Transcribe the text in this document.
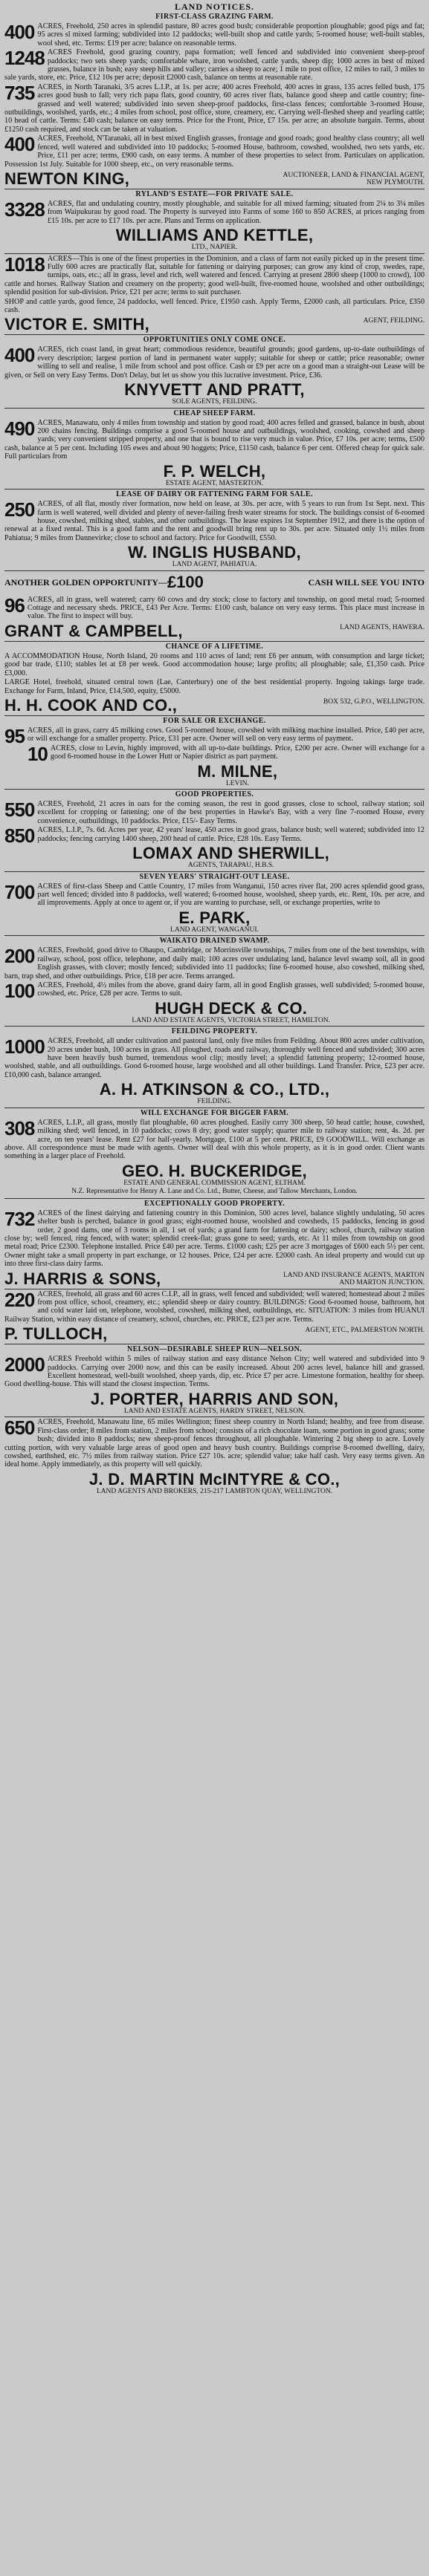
LAND NOTICES.
FIRST-CLASS GRAZING FARM.
400 ACRES, Freehold, 250 acres in splendid pasture, 80 acres good bush; considerable proportion ploughable; good pigs and fat; 95 acres sl mixed farming; subdivided into 12 paddocks; well-built shop and cattle yards; 5-roomed house; well-built stables, wool shed, etc. Terms: £19 per acre; balance on reasonable terms.
1248 ACRES Freehold, good grazing country, papa formation; well fenced and subdivided into convenient sheep-proof paddocks; two sets sheep yards; comfortable whare, iron woolshed, cattle yards, sheep dip; 1000 acres in best of mixed grasses, balance in bush; easy steep hills and valley; carries a sheep to acre; 1 mile to post office, 12 miles to rail, 3 miles to sale yards, store, etc. Price, £12 10s per acre; deposit £2000 cash, balance on terms at reasonable rate.
735 ACRES, in North Taranaki, 3/5 acres L.I.P., at 1s. per acre; 400 acres Freehold, 400 acres in grass, 135 acres felled bush, 175 acres good bush to fall; very rich papa flats, good country, 60 acres river flats, balance good sheep and cattle country; fine-grassed and well watered; subdivided into seven sheep-proof paddocks, first-class fences; comfortable 3-roomed House, outbuildings, woolshed, yards, etc.; 4 miles from school, post office, store, creamery, etc. Carrying well-fleshed sheep and yearling cattle; 10 head of cattle. Terms: £40 cash; balance on easy terms. Price for the Front, Price, £7 15s. per acre; an absolute bargain. Terms, about £1250 cash required, and stock can be taken at valuation.
400 ACRES, Freehold, N'Taranaki, all in best mixed English grasses, frontage and good roads; good healthy class country; all well fenced, well watered and subdivided into 10 paddocks; 5-roomed House, bathroom, cowshed, woolshed, two sets yards, etc. Price, £11 per acre; terms, £900 cash, on easy terms. A number of these properties to select from. Particulars on application. Possession 1st July. Suitable for 1000 sheep, etc., on very reasonable terms.
NEWTON KING,	AUCTIONEER, LAND & FINANCIAL AGENT, NEW PLYMOUTH.
RYLAND'S ESTATE—FOR PRIVATE SALE.
3328 ACRES, flat and undulating country, mostly ploughable, and suitable for all mixed farming; situated from 2¼ to 3¼ miles from Waipukurau by good road. The Property is surveyed into Farms of some 160 to 850 ACRES, at prices ranging from £15 10s. per acre to £17 10s. per acre. Plans and Terms on application.
WILLIAMS AND KETTLE,
LTD., NAPIER.
1018 ACRES—This is one of the finest properties in the Dominion, and a class of farm not easily picked up in the present time. Fully 600 acres are practically flat, suitable for fattening or dairying purposes; can grow any kind of crop, swedes, rape, turnips, oats, etc.; all in grass, level and rich, well watered and fenced. Carrying at present 2800 sheep (1000 to crowd), 100 cattle and horses. Railway Station and creamery on the property; good well-built, five-roomed house, woolshed and other outbuildings; splendid position for sub-division. Price, £21 per acre; terms to suit purchaser.
SHOP and cattle yards, good fence, 24 paddocks, well fenced. Price, £1950 cash. Apply Terms, £2000 cash, all particulars. Price, £350 cash.
VICTOR E. SMITH,	AGENT, FEILDING.
OPPORTUNITIES ONLY COME ONCE.
400 ACRES, rich coast land, in great heart; commodious residence, beautiful grounds; good gardens, up-to-date outbuildings of every description; largest portion of land in permanent water supply; suitable for sheep or cattle; price reasonable; owner willing to sell and realise, 1 mile from school and post office. Cash or £9 per acre on a good man a straight-out Lease will be given, or Sell on very Easy Terms. Don't Delay, but let us show you this lucrative investment. Price, £36.
KNYVETT AND PRATT,
SOLE AGENTS, FEILDING.
CHEAP SHEEP FARM.
490 ACRES, Manawatu, only 4 miles from township and station by good road; 400 acres felled and grassed, balance in bush, about 200 chains fencing. Buildings comprise a good 5-roomed house and outbuildings, woolshed, cooking, cowshed and sheep yards; very convenient stripped property, and one that is bound to rise very much in value. Price, £7 10s. per acre; terms, £500 cash, balance at 5 per cent. Including 105 ewes and about 90 hoggets; Price, £1150 cash, balance 6 per cent. Offered cheap for quick sale. Full particulars from
F. P. WELCH,
ESTATE AGENT, MASTERTON.
LEASE OF DAIRY OR FATTENING FARM FOR SALE.
250 ACRES, of all flat, mostly river formation, now held on lease, at 30s. per acre, with 5 years to run from 1st Sept. next. This farm is well watered, well divided and plenty of never-failing fresh water streams for stock. The buildings consist of 6-roomed house, cowshed, milking shed, stables, and other outbuildings. The lease expires 1st September 1912, and there is the option of renewal at a fixed rental. This is a good farm and the rent and goodwill bring rent up to 30s. per acre. Situated only 1½ miles from Pahiatua; 9 miles from Dannevirke; close to school and factory. Price for Goodwill, £550.
W. INGLIS HUSBAND,
LAND AGENT, PAHIATUA.
ANOTHER GOLDEN OPPORTUNITY— £100	CASH WILL SEE YOU INTO
96 ACRES, all in grass, well watered; carry 60 cows and dry stock; close to factory and township, on good metal road; 5-roomed Cottage and necessary sheds. PRICE, £43 Per Acre. Terms: £100 cash, balance on very easy terms. This place must increase in value. The first to inspect will buy.
GRANT & CAMPBELL,	LAND AGENTS, HAWERA.
CHANCE OF A LIFETIME.
A ACCOMMODATION House, North Island, 20 rooms and 110 acres of land; rent £6 per annum, with consumption and large ticket; good bar trade, £110; stables let at £8 per week. Good accommodation house; large profits; all ploughable; sale, £1,350 cash. Price £3,000.
LARGE Hotel, freehold, situated central town (Lae, Canterbury) one of the best residential property. Ingoing takings large trade. Exchange for Farm, Inland, Price, £14,500, equity, £5000.
H. H. COOK AND CO.,	BOX 532, G.P.O., WELLINGTON.
FOR SALE OR EXCHANGE.
95 ACRES, all in grass, carry 45 milking cows. Good 5-roomed house, cowshed with milking machine installed. Price, £40 per acre, or will exchange for a smaller property. Price, £31 per acre. Owner will sell on very easy terms of payment.
10 ACRES, close to Levin, highly improved, with all up-to-date buildings. Price, £200 per acre. Owner will exchange for a good 6-roomed house in the Lower Hutt or Napier district as part payment.
M. MILNE,
LEVIN.
GOOD PROPERTIES.
550 ACRES, Freehold, 21 acres in oats for the coming season, the rest in good grasses, close to school, railway station; soil excellent for cropping or fattening; one of the best properties in Hawke's Bay, with a very fine 7-roomed House, every convenience, outbuildings, 10 paddocks. Price, £15/- Easy Terms.
850 ACRES, L.I.P., 7s. 6d. Acres per year, 42 years' lease, 450 acres in good grass, balance bush; well watered; subdivided into 12 paddocks; fencing carrying 1400 sheep, 200 head of cattle. Price, £28 10s. Easy Terms.
LOMAX AND SHERWILL,
AGENTS, TARAPAU, H.B.S.
SEVEN YEARS' STRAIGHT-OUT LEASE.
700 ACRES of first-class Sheep and Cattle Country, 17 miles from Wanganui, 150 acres river flat, 200 acres splendid good grass, part well fenced; divided into 8 paddocks, well watered; 6-roomed house, woolshed, sheep yards, etc. Rent, 10s. per acre, and all improvements. Apply at once to agent or, if you are wanting to purchase, sell, or exchange properties, write to
E. PARK,
LAND AGENT, WANGANUI.
WAIKATO DRAINED SWAMP.
200 ACRES, Freehold, good drive to Ohaupo, Cambridge, or Morrinsville townships, 7 miles from one of the best townships, with railway, school, post office, telephone, and daily mail; 100 acres over undulating land, balance level swamp soil, all in good English grasses, with clover; mostly fenced; subdivided into 11 paddocks; fine 6-roomed house, also cowshed, milking shed, barn, trap shed, and other outbuildings. Price, £18 per acre. Terms arranged.
100 ACRES, Freehold, 4½ miles from the above, grand dairy farm, all in good English grasses, well subdivided; 5-roomed house, cowshed, etc. Price, £28 per acre. Terms to suit.
HUGH DECK & CO.
LAND AND ESTATE AGENTS, VICTORIA STREET, HAMILTON.
FEILDING PROPERTY.
1000 ACRES, Freehold, all under cultivation and pastoral land, only five miles from Feilding. About 800 acres under cultivation, 20 acres under bush, 100 acres in grass. All ploughed, roads and railway, thoroughly well fenced and subdivided; 300 acres have been heavily bush burned, tremendous wool clip; mostly level; a splendid fattening property; 12-roomed house, woolshed, stable, and all outbuildings. Good 6-roomed house, large woolshed and all other buildings. Land Transfer. Price, £23 per acre. £10,000 cash, balance arranged.
A. H. ATKINSON & CO., LTD.,
FEILDING.
WILL EXCHANGE FOR BIGGER FARM.
308 ACRES, L.I.P., all grass, mostly flat ploughable, 60 acres ploughed. Easily carry 300 sheep, 50 head cattle; house, cowshed, milking shed; well fenced, in 10 paddocks; cows 8 dry; good water supply; quarter mile to railway station; rent, 4s. 2d. per acre, on ten years' lease. Rent £27 for half-yearly. Mortgage, £100 at 5 per cent. PRICE, £9 GOODWILL. Will exchange as above. All correspondence must be made with agents. Owner will deal with this whole property, as it is in good order. Client wants something in a larger place of Freehold.
GEO. H. BUCKERIDGE,
ESTATE AND GENERAL COMMISSION AGENT, ELTHAM.
N.Z. Representative for Henry A. Lane and Co. Ltd., Butter, Cheese, and Tallow Merchants, London.
EXCEPTIONALLY GOOD PROPERTY.
732 ACRES of the finest dairying and fattening country in this Dominion, 500 acres level, balance slightly undulating, 50 acres shelter bush is perched, balance in good grass; eight-roomed house, woolshed and cowsheds, 15 paddocks, fencing in good order, 2 good dams, one of 3 rooms in all, 1 set of yards; a grand farm for fattening or dairy; school, church, railway station close by; well fenced, ring fenced, with water; splendid creek-flat; grass gone to seed; yards, etc. At 11 miles from township on good metal road; Price £2300. Telephone installed. Price £40 per acre. Terms. £1000 cash; £25 per acre 3 mortgages of £600 each 5½ per cent. Owner might take a small property in part exchange, or 12 houses. Price, £24 per acre. £2000 cash. An ideal property and would cut up into three first-class dairy farms.
J. HARRIS & SONS,	LAND AND INSURANCE AGENTS, MARTON AND MARTON JUNCTION.
220 ACRES, freehold, all grass and 60 acres C.I.P., all in grass, well fenced and subdivided; well watered; homestead about 2 miles from post office, school, creamery, etc.; splendid sheep or dairy country. BUILDINGS: Good 6-roomed house, bathroom, hot and cold water laid on, telephone, woolshed, cowshed, milking shed, outbuildings, etc. SITUATION: 3 miles from HUANUI Railway Station, within easy distance of creamery, school, churches, etc. PRICE, £23 per acre. Terms.
P. TULLOCH,	AGENT, ETC., PALMERSTON NORTH.
NELSON—DESIRABLE SHEEP RUN—NELSON.
2000 ACRES Freehold within 5 miles of railway station and easy distance Nelson City; well watered and subdivided into 9 paddocks. Carrying over 2000 now, and this can be easily increased. About 200 acres level, balance hill and grassed. Excellent homestead, well-built woolshed, sheep yards, dip, etc. Price £7 per acre. Limestone formation, healthy for sheep. Good dwelling-house. This will stand the closest inspection. Terms.
J. PORTER, HARRIS AND SON,
LAND AND ESTATE AGENTS, HARDY STREET, NELSON.
650 ACRES, Freehold, Manawatu line, 65 miles Wellington; finest sheep country in North Island; healthy, and free from disease. First-class order; 8 miles from station, 2 miles from school; consists of a rich chocolate loam, some portion in good grass; some bush; divided into 8 paddocks; new sheep-proof fences throughout, all ploughable. Wintering 2 big sheep to acre. Lovely cutting portion, with very valuable large areas of good open and heavy bush country. Buildings comprise 8-roomed dwelling, dairy, cowshed, earthshed, etc. 7½ miles from railway station. Price £27 10s. acre; splendid value; take half cash. Very easy terms given. An ideal home. Apply immediately, as this property will sell quickly.
J. D. MARTIN McINTYRE & CO.,
LAND AGENTS AND BROKERS, 215-217 LAMBTON QUAY, WELLINGTON.
